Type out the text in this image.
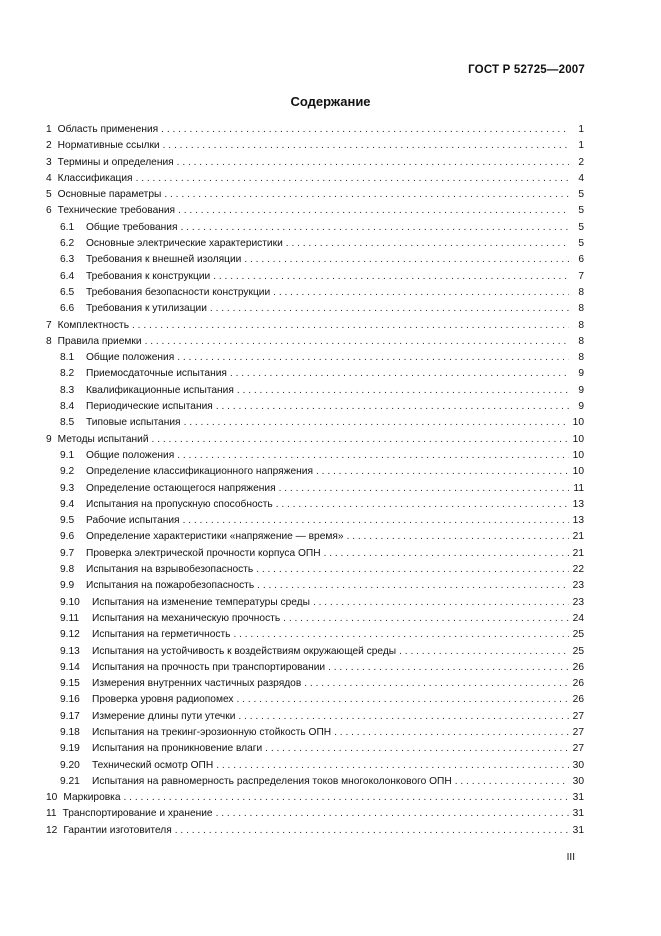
ГОСТ Р 52725—2007
Содержание
1 Область применения . . .	1
2 Нормативные ссылки . . .	1
3 Термины и определения . . .	2
4 Классификация . . .	4
5 Основные параметры . . .	5
6 Технические требования . . .	5
6.1	Общие требования . . .	5
6.2	Основные электрические характеристики . . .	5
6.3	Требования к внешней изоляции . . .	6
6.4	Требования к конструкции . . .	7
6.5	Требования безопасности конструкции . . .	8
6.6	Требования к утилизации . . .	8
7 Комплектность . . .	8
8 Правила приемки . . .	8
8.1	Общие положения . . .	8
8.2	Приемосдаточные испытания . . .	9
8.3	Квалификационные испытания . . .	9
8.4	Периодические испытания . . .	9
8.5	Типовые испытания . . .	10
9 Методы испытаний . . .	10
9.1	Общие положения . . .	10
9.2	Определение классификационного напряжения . . .	10
9.3	Определение остающегося напряжения . . .	11
9.4	Испытания на пропускную способность . . .	13
9.5	Рабочие испытания . . .	13
9.6	Определение характеристики «напряжение — время» . . .	21
9.7	Проверка электрической прочности корпуса ОПН . . .	21
9.8	Испытания на взрывобезопасность . . .	22
9.9	Испытания на пожаробезопасность . . .	23
9.10	Испытания на изменение температуры среды . . .	23
9.11	Испытания на механическую прочность . . .	24
9.12	Испытания на герметичность . . .	25
9.13	Испытания на устойчивость к воздействиям окружающей среды . . .	25
9.14	Испытания на прочность при транспортировании . . .	26
9.15	Измерения внутренних частичных разрядов . . .	26
9.16	Проверка уровня радиопомех . . .	26
9.17	Измерение длины пути утечки . . .	27
9.18	Испытания на трекинг-эрозионную стойкость ОПН . . .	27
9.19	Испытания на проникновение влаги . . .	27
9.20	Технический осмотр ОПН . . .	30
9.21	Испытания на равномерность распределения токов многоколонкового ОПН . . .	30
10 Маркировка . . .	31
11 Транспортирование и хранение . . .	31
12 Гарантии изготовителя . . .	31
III
